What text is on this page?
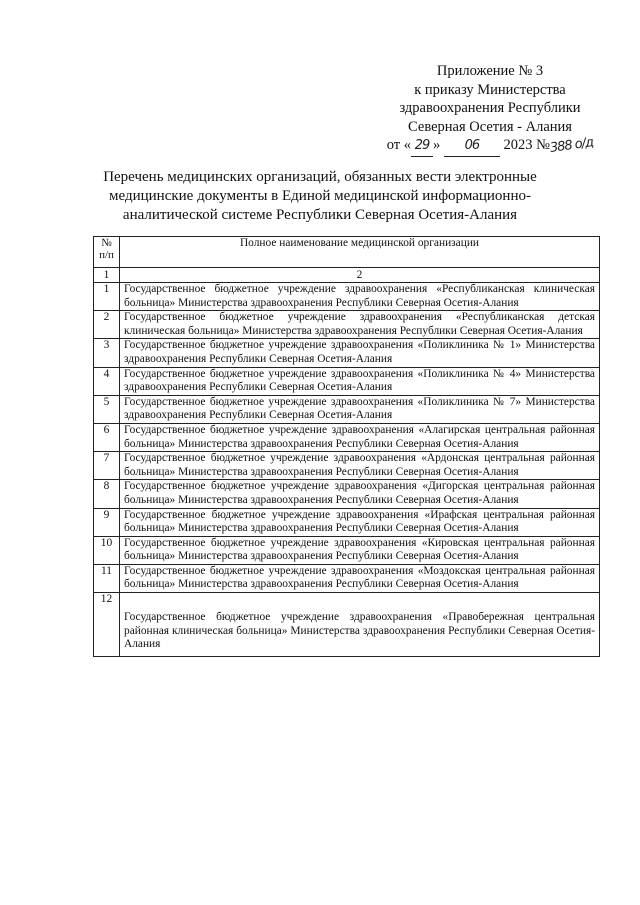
Приложение № 3
к приказу Министерства
здравоохранения Республики
Северная Осетия - Алания
от « 29 » 06 2023 №388 о/д
Перечень медицинских организаций, обязанных вести электронные
медицинские документы в Единой медицинской информационно-
аналитической системе Республики Северная Осетия-Алания
№ п/п	Полное наименование медицинской организации
1	2
1	Государственное бюджетное учреждение здравоохранения «Республиканская клиническая больница» Министерства здравоохранения Республики Северная Осетия-Алания
2	Государственное бюджетное учреждение здравоохранения «Республиканская детская клиническая больница» Министерства здравоохранения Республики Северная Осетия-Алания
3	Государственное бюджетное учреждение здравоохранения «Поликлиника № 1» Министерства здравоохранения Республики Северная Осетия-Алания
4	Государственное бюджетное учреждение здравоохранения «Поликлиника № 4» Министерства здравоохранения Республики Северная Осетия-Алания
5	Государственное бюджетное учреждение здравоохранения «Поликлиника № 7» Министерства здравоохранения Республики Северная Осетия-Алания
6	Государственное бюджетное учреждение здравоохранения «Алагирская центральная районная больница» Министерства здравоохранения Республики Северная Осетия-Алания
7	Государственное бюджетное учреждение здравоохранения «Ардонская центральная районная больница» Министерства здравоохранения Республики Северная Осетия-Алания
8	Государственное бюджетное учреждение здравоохранения «Дигорская центральная районная больница» Министерства здравоохранения Республики Северная Осетия-Алания
9	Государственное бюджетное учреждение здравоохранения «Ирафская центральная районная больница» Министерства здравоохранения Республики Северная Осетия-Алания
10	Государственное бюджетное учреждение здравоохранения «Кировская центральная районная больница» Министерства здравоохранения Республики Северная Осетия-Алания
11	Государственное бюджетное учреждение здравоохранения «Моздокская центральная районная больница» Министерства здравоохранения Республики Северная Осетия-Алания
12	Государственное бюджетное учреждение здравоохранения «Правобережная центральная районная клиническая больница» Министерства здравоохранения Республики Северная Осетия-Алания
